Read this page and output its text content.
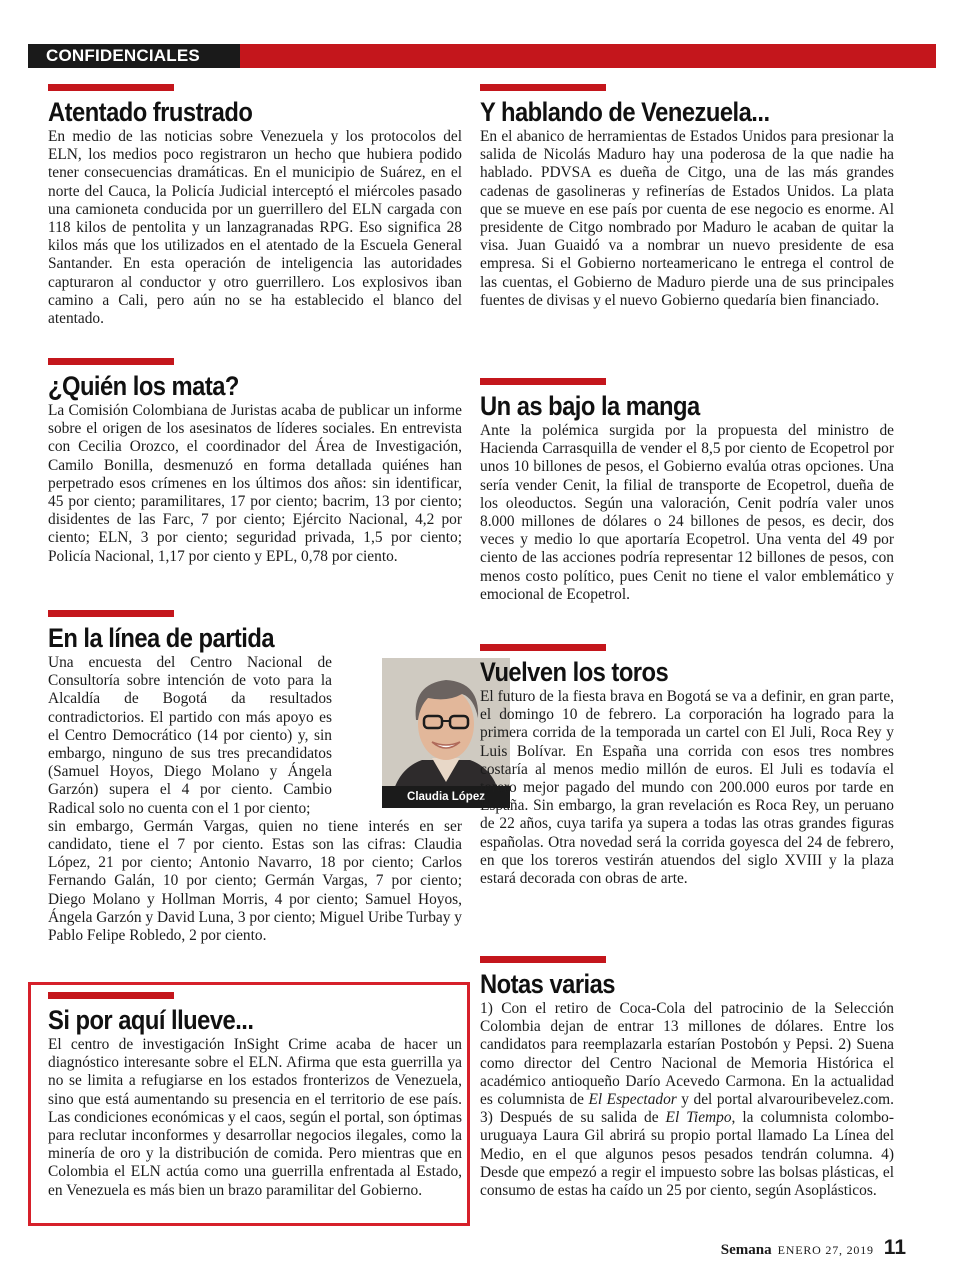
CONFIDENCIALES
Atentado frustrado

En medio de las noticias sobre Venezuela y los protocolos del ELN, los medios poco registraron un hecho que hubiera podido tener consecuencias dramáticas. En el municipio de Suárez, en el norte del Cauca, la Policía Judicial interceptó el miércoles pasado una camioneta conducida por un guerrillero del ELN cargada con 118 kilos de pentolita y un lanzagranadas RPG. Eso significa 28 kilos más que los utilizados en el atentado de la Escuela General Santander. En esta operación de inteligencia las autoridades capturaron al conductor y otro guerrillero. Los explosivos iban camino a Cali, pero aún no se ha establecido el blanco del atentado.

¿Quién los mata?

La Comisión Colombiana de Juristas acaba de publicar un informe sobre el origen de los asesinatos de líderes sociales. En entrevista con Cecilia Orozco, el coordinador del Área de Investigación, Camilo Bonilla, desmenuzó en forma detallada quiénes han perpetrado esos crímenes en los últimos dos años: sin identificar, 45 por ciento; paramilitares, 17 por ciento; bacrim, 13 por ciento; disidentes de las Farc, 7 por ciento; Ejército Nacional, 4,2 por ciento; ELN, 3 por ciento; seguridad privada, 1,5 por ciento; Policía Nacional, 1,17 por ciento y EPL, 0,78 por ciento.

En la línea de partida

Una encuesta del Centro Nacional de Consultoría sobre intención de voto para la Alcaldía de Bogotá da resultados contradictorios. El partido con más apoyo es el Centro Democrático (14 por ciento) y, sin embargo, ninguno de sus tres precandidatos (Samuel Hoyos, Diego Molano y Ángela Garzón) supera el 4 por ciento. Cambio Radical solo no cuenta con el 1 por ciento;

sin embargo, Germán Vargas, quien no tiene interés en ser candidato, tiene el 7 por ciento. Estas son las cifras: Claudia López, 21 por ciento; Antonio Navarro, 18 por ciento; Carlos Fernando Galán, 10 por ciento; Germán Vargas, 7 por ciento; Diego Molano y Hollman Morris, 4 por ciento; Samuel Hoyos, Ángela Garzón y David Luna, 3 por ciento; Miguel Uribe Turbay y Pablo Felipe Robledo, 2 por ciento.

Claudia López
Si por aquí llueve...

El centro de investigación InSight Crime acaba de hacer un diagnóstico interesante sobre el ELN. Afirma que esta guerrilla ya no se limita a refugiarse en los estados fronterizos de Venezuela, sino que está aumentando su presencia en el territorio de ese país. Las condiciones económicas y el caos, según el portal, son óptimas para reclutar inconformes y desarrollar negocios ilegales, como la minería de oro y la distribución de comida. Pero mientras que en Colombia el ELN actúa como una guerrilla enfrentada al Estado, en Venezuela es más bien un brazo paramilitar del Gobierno.

Y hablando de Venezuela...

En el abanico de herramientas de Estados Unidos para presionar la salida de Nicolás Maduro hay una poderosa de la que nadie ha hablado. PDVSA es dueña de Citgo, una de las más grandes cadenas de gasolineras y refinerías de Estados Unidos. La plata que se mueve en ese país por cuenta de ese negocio es enorme. Al presidente de Citgo nombrado por Maduro le acaban de quitar la visa. Juan Guaidó va a nombrar un nuevo presidente de esa empresa. Si el Gobierno norteamericano le entrega el control de las cuentas, el Gobierno de Maduro pierde una de sus principales fuentes de divisas y el nuevo Gobierno quedaría bien financiado.

Un as bajo la manga

Ante la polémica surgida por la propuesta del ministro de Hacienda Carrasquilla de vender el 8,5 por ciento de Ecopetrol por unos 10 billones de pesos, el Gobierno evalúa otras opciones. Una sería vender Cenit, la filial de transporte de Ecopetrol, dueña de los oleoductos. Según una valoración, Cenit podría valer unos 8.000 millones de dólares o 24 billones de pesos, es decir, dos veces y medio lo que aportaría Ecopetrol. Una venta del 49 por ciento de las acciones podría representar 12 billones de pesos, con menos costo político, pues Cenit no tiene el valor emblemático y emocional de Ecopetrol.

Vuelven los toros

El futuro de la fiesta brava en Bogotá se va a definir, en gran parte, el domingo 10 de febrero. La corporación ha logrado para la primera corrida de la temporada un cartel con El Juli, Roca Rey y Luis Bolívar. En España una corrida con esos tres nombres costaría al menos medio millón de euros. El Juli es todavía el torero mejor pagado del mundo con 200.000 euros por tarde en España. Sin embargo, la gran revelación es Roca Rey, un peruano de 22 años, cuya tarifa ya supera a todas las otras grandes figuras españolas. Otra novedad será la corrida goyesca del 24 de febrero, en que los toreros vestirán atuendos del siglo XVIII y la plaza estará decorada con obras de arte.

Notas varias

1) Con el retiro de Coca-Cola del patrocinio de la Selección Colombia dejan de entrar 13 millones de dólares. Entre los candidatos para reemplazarla estarían Postobón y Pepsi. 2) Suena como director del Centro Nacional de Memoria Histórica el académico antioqueño Darío Acevedo Carmona. En la actualidad es columnista de El Espectador y del portal alvarouribevelez.com. 3) Después de su salida de El Tiempo, la columnista colombo-uruguaya Laura Gil abrirá su propio portal llamado La Línea del Medio, en el que algunos pesos pesados tendrán columna. 4) Desde que empezó a regir el impuesto sobre las bolsas plásticas, el consumo de estas ha caído un 25 por ciento, según Asoplásticos.

Semana ENERO 27, 2019 11
